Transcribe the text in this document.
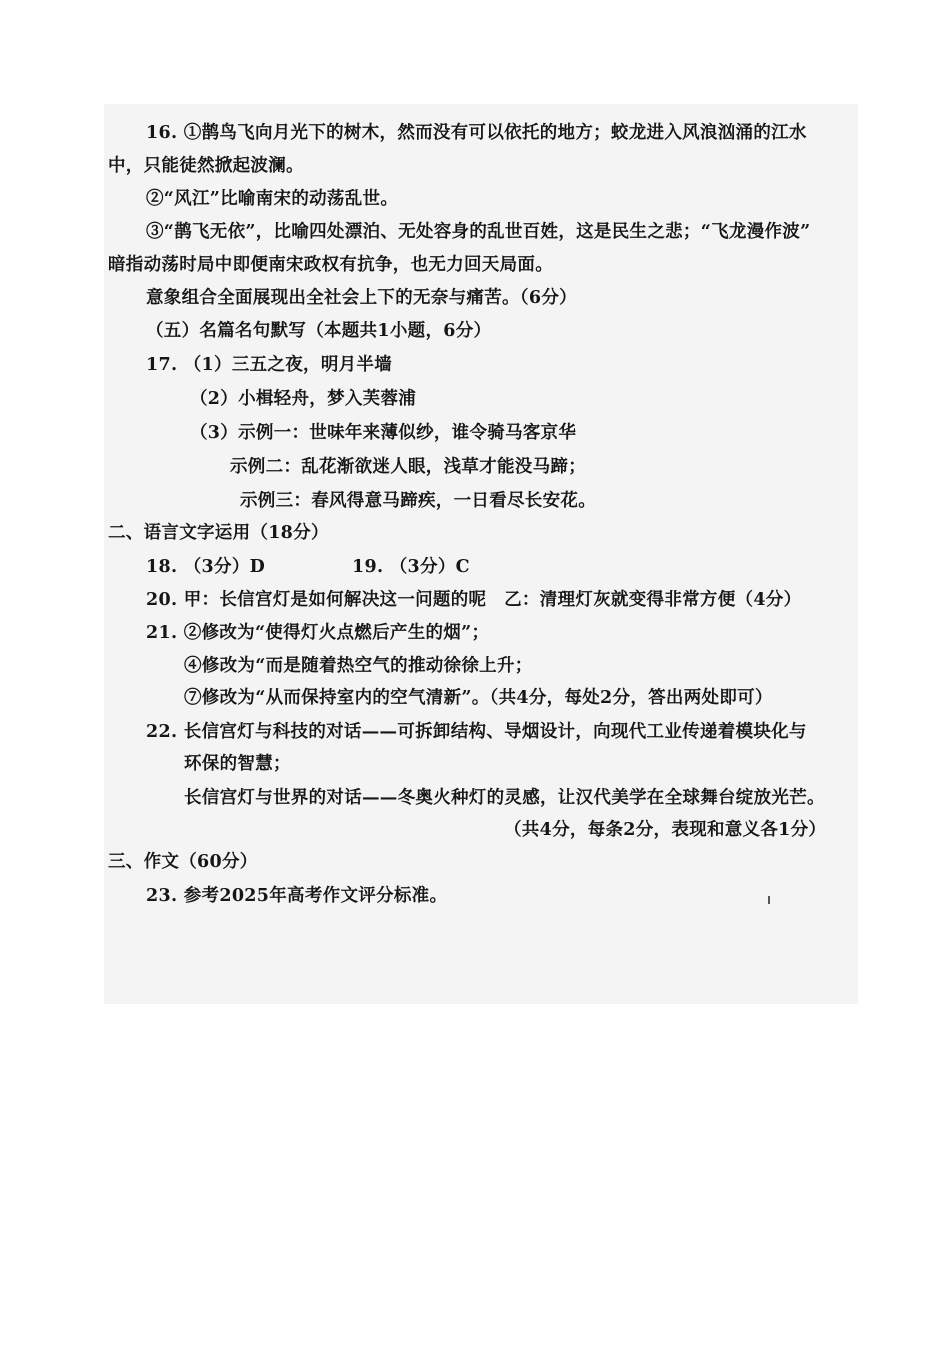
16. ①鹊鸟飞向月光下的树木，然而没有可以依托的地方；蛟龙进入风浪汹涌的江水
中，只能徒然掀起波澜。
②“风江”比喻南宋的动荡乱世。
③“鹊飞无依”，比喻四处漂泊、无处容身的乱世百姓，这是民生之悲；“飞龙漫作波”
暗指动荡时局中即便南宋政权有抗争，也无力回天局面。
意象组合全面展现出全社会上下的无奈与痛苦。（6分）
（五）名篇名句默写（本题共1小题，6分）
17. （1）三五之夜，明月半墙
（2）小楫轻舟，梦入芙蓉浦
（3）示例一：世味年来薄似纱，谁令骑马客京华
示例二：乱花渐欲迷人眼，浅草才能没马蹄；
示例三：春风得意马蹄疾，一日看尽长安花。
二、语言文字运用（18分）
18. （3分）D	19. （3分）C
20. 甲：长信宫灯是如何解决这一问题的呢　乙：清理灯灰就变得非常方便（4分）
21. ②修改为“使得灯火点燃后产生的烟”；
④修改为“而是随着热空气的推动徐徐上升；
⑦修改为“从而保持室内的空气清新”。（共4分，每处2分，答出两处即可）
22. 长信宫灯与科技的对话——可拆卸结构、导烟设计，向现代工业传递着模块化与
环保的智慧；
长信宫灯与世界的对话——冬奥火种灯的灵感，让汉代美学在全球舞台绽放光芒。
（共4分，每条2分，表现和意义各1分）
三、作文（60分）
23. 参考2025年高考作文评分标准。
